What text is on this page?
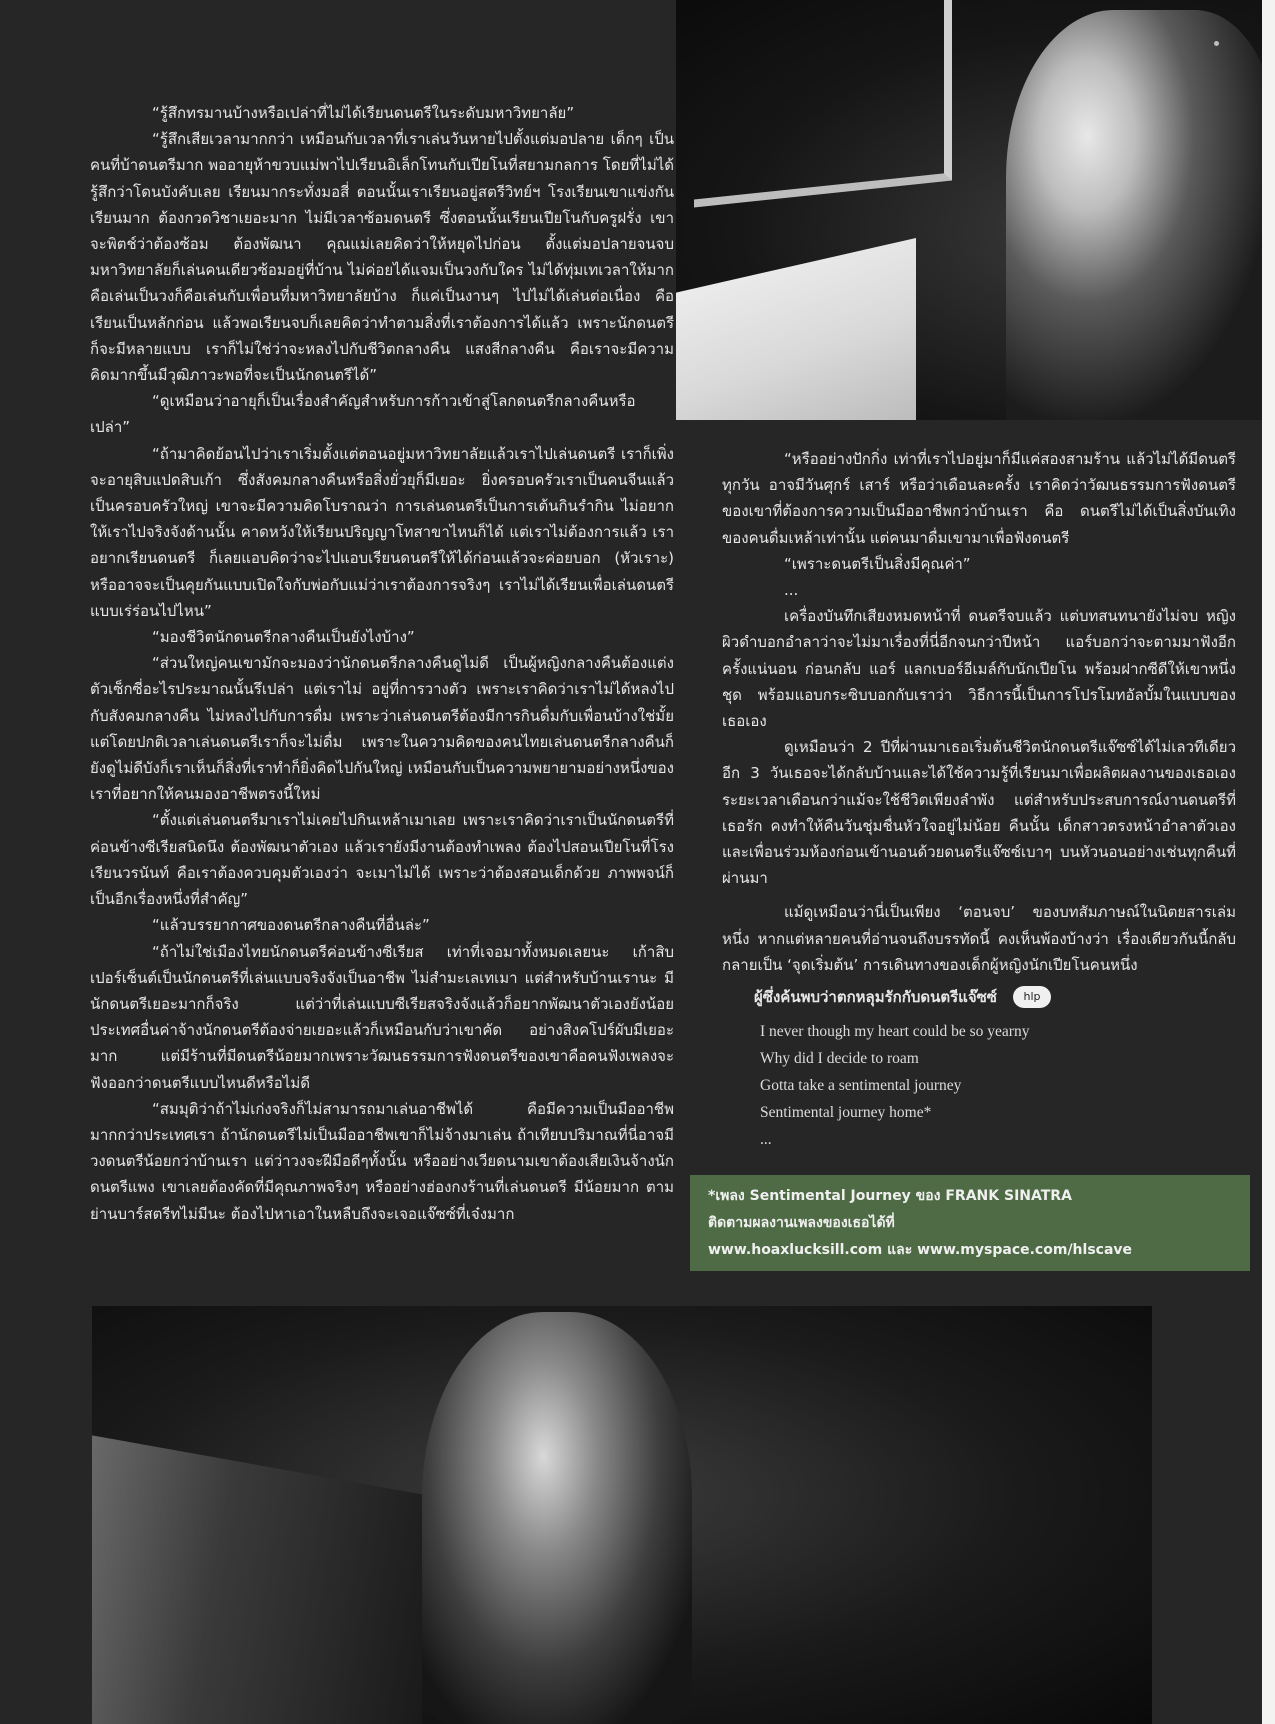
“รู้สึกทรมานบ้างหรือเปล่าที่ไม่ได้เรียนดนตรีในระดับมหาวิทยาลัย”

“รู้สึกเสียเวลามากกว่า เหมือนกับเวลาที่เราเล่นวันหายไปตั้งแต่มอปลาย เด็กๆ เป็นคนที่บ้าดนตรีมาก พออายุห้าขวบแม่พาไปเรียนอิเล็กโทนกับเปียโนที่สยามกลการ โดยที่ไม่ได้รู้สึกว่าโดนบังคับเลย เรียนมากระทั่งมอสี่ ตอนนั้นเราเรียนอยู่สตรีวิทย์ฯ โรงเรียนเขาแข่งกันเรียนมาก ต้องกวดวิชาเยอะมาก ไม่มีเวลาซ้อมดนตรี ซึ่งตอนนั้นเรียนเปียโนกับครูฝรั่ง เขาจะพิตช์ว่าต้องซ้อม ต้องพัฒนา คุณแม่เลยคิดว่าให้หยุดไปก่อน ตั้งแต่มอปลายจนจบมหาวิทยาลัยก็เล่นคนเดียวซ้อมอยู่ที่บ้าน ไม่ค่อยได้แจมเป็นวงกับใคร ไม่ได้ทุ่มเทเวลาให้มาก คือเล่นเป็นวงก็คือเล่นกับเพื่อนที่มหาวิทยาลัยบ้าง ก็แค่เป็นงานๆ ไปไม่ได้เล่นต่อเนื่อง คือเรียนเป็นหลักก่อน แล้วพอเรียนจบก็เลยคิดว่าทำตามสิ่งที่เราต้องการได้แล้ว เพราะนักดนตรีก็จะมีหลายแบบ เราก็ไม่ใช่ว่าจะหลงไปกับชีวิตกลางคืน แสงสีกลางคืน คือเราจะมีความคิดมากขึ้นมีวุฒิภาวะพอที่จะเป็นนักดนตรีได้”

“ดูเหมือนว่าอายุก็เป็นเรื่องสำคัญสำหรับการก้าวเข้าสู่โลกดนตรีกลางคืนหรือเปล่า”

“ถ้ามาคิดย้อนไปว่าเราเริ่มตั้งแต่ตอนอยู่มหาวิทยาลัยแล้วเราไปเล่นดนตรี เราก็เพิ่งจะอายุสิบแปดสิบเก้า ซึ่งสังคมกลางคืนหรือสิ่งยั่วยุก็มีเยอะ ยิ่งครอบครัวเราเป็นคนจีนแล้วเป็นครอบครัวใหญ่ เขาจะมีความคิดโบราณว่า การเล่นดนตรีเป็นการเต้นกินรำกิน ไม่อยากให้เราไปจริงจังด้านนั้น คาดหวังให้เรียนปริญญาโทสาขาไหนก็ได้ แต่เราไม่ต้องการแล้ว เราอยากเรียนดนตรี ก็เลยแอบคิดว่าจะไปแอบเรียนดนตรีให้ได้ก่อนแล้วจะค่อยบอก (หัวเราะ) หรืออาจจะเป็นคุยกันแบบเปิดใจกับพ่อกับแม่ว่าเราต้องการจริงๆ เราไม่ได้เรียนเพื่อเล่นดนตรีแบบเร่ร่อนไปไหน”

“มองชีวิตนักดนตรีกลางคืนเป็นยังไงบ้าง”

“ส่วนใหญ่คนเขามักจะมองว่านักดนตรีกลางคืนดูไม่ดี เป็นผู้หญิงกลางคืนต้องแต่งตัวเซ็กซี่อะไรประมาณนั้นรึเปล่า แต่เราไม่ อยู่ที่การวางตัว เพราะเราคิดว่าเราไม่ได้หลงไปกับสังคมกลางคืน ไม่หลงไปกับการดื่ม เพราะว่าเล่นดนตรีต้องมีการกินดื่มกับเพื่อนบ้างใช่มั้ย แต่โดยปกติเวลาเล่นดนตรีเราก็จะไม่ดื่ม เพราะในความคิดของคนไทยเล่นดนตรีกลางคืนก็ยังดูไม่ดีบังก็เราเห็นก็สิ่งที่เราทำก็ยิ่งคิดไปกันใหญ่ เหมือนกับเป็นความพยายามอย่างหนึ่งของเราที่อยากให้คนมองอาชีพตรงนี้ใหม่

“ตั้งแต่เล่นดนตรีมาเราไม่เคยไปกินเหล้าเมาเลย เพราะเราคิดว่าเราเป็นนักดนตรีที่ค่อนข้างซีเรียสนิดนึง ต้องพัฒนาตัวเอง แล้วเรายังมีงานต้องทำเพลง ต้องไปสอนเปียโนที่โรงเรียนวรนันท์ คือเราต้องควบคุมตัวเองว่า จะเมาไม่ได้ เพราะว่าต้องสอนเด็กด้วย ภาพพจน์ก็เป็นอีกเรื่องหนึ่งที่สำคัญ”

“แล้วบรรยากาศของดนตรีกลางคืนที่อื่นล่ะ”

“ถ้าไม่ใช่เมืองไทยนักดนตรีค่อนข้างซีเรียส เท่าที่เจอมาทั้งหมดเลยนะ เก้าสิบเปอร์เซ็นต์เป็นนักดนตรีที่เล่นแบบจริงจังเป็นอาชีพ ไม่สำมะเลเทเมา แต่สำหรับบ้านเรานะ มีนักดนตรีเยอะมากก็จริง แต่ว่าที่เล่นแบบซีเรียสจริงจังแล้วก็อยากพัฒนาตัวเองยังน้อย ประเทศอื่นค่าจ้างนักดนตรีต้องจ่ายเยอะแล้วก็เหมือนกับว่าเขาคัด อย่างสิงคโปร์ผับมีเยอะมาก แต่มีร้านที่มีดนตรีน้อยมากเพราะวัฒนธรรมการฟังดนตรีของเขาคือคนฟังเพลงจะฟังออกว่าดนตรีแบบไหนดีหรือไม่ดี

“สมมุติว่าถ้าไม่เก่งจริงก็ไม่สามารถมาเล่นอาชีพได้ คือมีความเป็นมืออาชีพมากกว่าประเทศเรา ถ้านักดนตรีไม่เป็นมืออาชีพเขาก็ไม่จ้างมาเล่น ถ้าเทียบปริมาณที่นี่อาจมีวงดนตรีน้อยกว่าบ้านเรา แต่ว่าวงจะฝีมือดีๆทั้งนั้น หรืออย่างเวียดนามเขาต้องเสียเงินจ้างนักดนตรีแพง เขาเลยต้องคัดที่มีคุณภาพจริงๆ หรืออย่างฮ่องกงร้านที่เล่นดนตรี มีน้อยมาก ตามย่านบาร์สตรีทไม่มีนะ ต้องไปหาเอาในหลืบถึงจะเจอแจ๊ซซ์ที่เจ๋งมาก

“หรืออย่างปักกิ่ง เท่าที่เราไปอยู่มาก็มีแค่สองสามร้าน แล้วไม่ได้มีดนตรีทุกวัน อาจมีวันศุกร์ เสาร์ หรือว่าเดือนละครั้ง เราคิดว่าวัฒนธรรมการฟังดนตรีของเขาที่ต้องการความเป็นมืออาชีพกว่าบ้านเรา คือ ดนตรีไม่ได้เป็นสิ่งบันเทิงของคนดื่มเหล้าเท่านั้น แต่คนมาดื่มเขามาเพื่อฟังดนตรี

“เพราะดนตรีเป็นสิ่งมีคุณค่า”

...

เครื่องบันทึกเสียงหมดหน้าที่ ดนตรีจบแล้ว แต่บทสนทนายังไม่จบ หญิงผิวดำบอกอำลาว่าจะไม่มาเรื่องที่นี่อีกจนกว่าปีหน้า แอร์บอกว่าจะตามมาฟังอีกครั้งแน่นอน ก่อนกลับ แอร์ แลกเบอร์อีเมล์กับนักเปียโน พร้อมฝากซีดีให้เขาหนึ่งชุด พร้อมแอบกระซิบบอกกับเราว่า วิธีการนี้เป็นการโปรโมทอัลบั้มในแบบของเธอเอง

ดูเหมือนว่า 2 ปีที่ผ่านมาเธอเริ่มต้นชีวิตนักดนตรีแจ๊ซซ์ได้ไม่เลวทีเดียว อีก 3 วันเธอจะได้กลับบ้านและได้ใช้ความรู้ที่เรียนมาเพื่อผลิตผลงานของเธอเอง ระยะเวลาเดือนกว่าแม้จะใช้ชีวิตเพียงลำพัง แต่สำหรับประสบการณ์งานดนตรีที่เธอรัก คงทำให้คืนวันชุ่มชื่นหัวใจอยู่ไม่น้อย คืนนั้น เด็กสาวตรงหน้าอำลาตัวเองและเพื่อนร่วมห้องก่อนเข้านอนด้วยดนตรีแจ๊ซซ์เบาๆ บนหัวนอนอย่างเช่นทุกคืนที่ผ่านมา

แม้ดูเหมือนว่านี่เป็นเพียง ‘ตอนจบ’ ของบทสัมภาษณ์ในนิตยสารเล่มหนึ่ง หากแต่หลายคนที่อ่านจนถึงบรรทัดนี้ คงเห็นพ้องบ้างว่า เรื่องเดียวกันนี้กลับกลายเป็น ‘จุดเริ่มต้น’ การเดินทางของเด็กผู้หญิงนักเปียโนคนหนึ่ง

ผู้ซึ่งค้นพบว่าตกหลุมรักกับดนตรีแจ๊ซซ์	hlp
I never though my heart could be so yearny
Why did I decide to roam
Gotta take a sentimental journey
Sentimental journey home*
...
*เพลง Sentimental Journey ของ FRANK SINATRA
ติดตามผลงานเพลงของเธอได้ที่
www.hoaxlucksill.com และ www.myspace.com/hlscave
